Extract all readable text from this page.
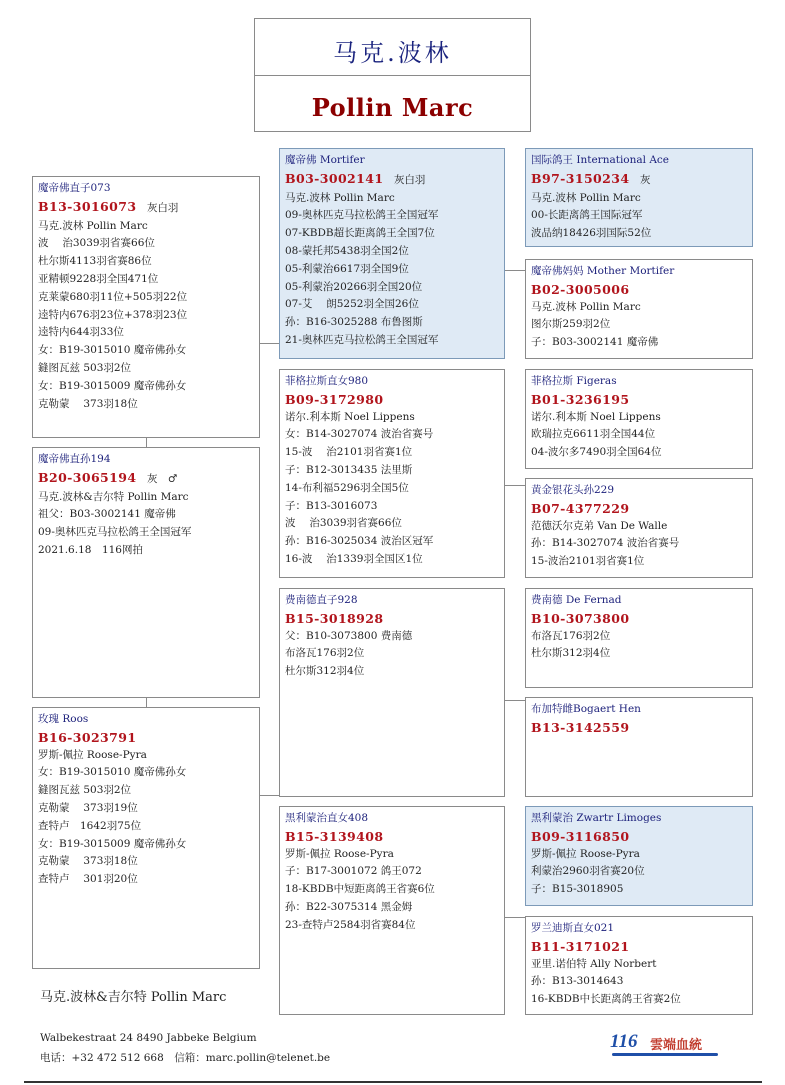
马克.波林
Pollin Marc
魔帝佛直子073
B13-3016073　 灰白羽
马克.波林 Pollin Marc
波　 治3039羽省赛66位
杜尔斯4113羽省赛86位
亚精顿9228羽全国471位
克莱蒙680羽11位+505羽22位
逵特内676羽23位+378羽23位
逵特内644羽33位
女：B19-3015010 魔帝佛孙女
鏠图瓦兹 503羽2位
女：B19-3015009 魔帝佛孙女
克勒蒙　 373羽18位
魔帝佛直孙194
B20-3065194　 灰　♂
马克.波林&吉尔特 Pollin Marc
祖父：B03-3002141 魔帝佛
09-奥林匹克马拉松鸽王全国冠军
2021.6.18　116网拍
玫瑰 Roos
B16-3023791
罗斯-佩拉 Roose-Pyra
女：B19-3015010 魔帝佛孙女
鏠图瓦兹 503羽2位
克勒蒙　 373羽19位
查特卢　1642羽75位
女：B19-3015009 魔帝佛孙女
克勒蒙　 373羽18位
查特卢　 301羽20位
马克.波林&吉尔特 Pollin Marc
魔帝佛 Mortifer
B03-3002141　 灰白羽
马克.波林 Pollin Marc
09-奥林匹克马拉松鸽王全国冠军
07-KBDB超长距离鸽王全国7位
08-蒙托邦5438羽全国2位
05-利蒙治6617羽全国9位
05-利蒙治20266羽全国20位
07-艾　 朗5252羽全国26位
孙：B16-3025288 布鲁图斯
21-奥林匹克马拉松鸽王全国冠军
菲格拉斯直女980
B09-3172980
诺尔.利本斯 Noel Lippens
女：B14-3027074 波治省赛号
15-波　 治2101羽省赛1位
子：B12-3013435 法里斯
14-布利福5296羽全国5位
子：B13-3016073
波　 治3039羽省赛66位
孙：B16-3025034 波治区冠军
16-波　 治1339羽全国区1位
费南德直子928
B15-3018928
父：B10-3073800 费南德
布洛瓦176羽2位
杜尔斯312羽4位
黑利蒙治直女408
B15-3139408
罗斯-佩拉 Roose-Pyra
子：B17-3001072 鸽王072
18-KBDB中短距离鸽王省赛6位
孙：B22-3075314 黑金姆
23-查特卢2584羽省赛84位
国际鸽王 International Ace
B97-3150234　 灰
马克.波林 Pollin Marc
00-长距离鸽王国际冠军
波品纳18426羽国际52位
魔帝佛妈妈 Mother Mortifer
B02-3005006
马克.波林 Pollin Marc
图尔斯259羽2位
子：B03-3002141 魔帝佛
菲格拉斯 Figeras
B01-3236195
诺尔.利本斯 Noel Lippens
欧瑞拉克6611羽全国44位
04-波尔多7490羽全国64位
黄金银花头孙229
B07-4377229
范德沃尔克弟 Van De Walle
孙：B14-3027074 波治省赛号
15-波治2101羽省赛1位
费南德 De Fernad
B10-3073800
布洛瓦176羽2位
杜尔斯312羽4位
布加特雌Bogaert Hen
B13-3142559
黑利蒙治 Zwartr Limoges
B09-3116850
罗斯-佩拉 Roose-Pyra
利蒙治2960羽省赛20位
子：B15-3018905
罗兰迪斯直女021
B11-3171021
亚里.诺伯特 Ally Norbert
孙：B13-3014643
16-KBDB中长距离鸽王省赛2位
Walbekestraat 24 8490 Jabbeke Belgium
电话：+32 472 512 668　信箱：marc.pollin@telenet.be
116 雲端血統
